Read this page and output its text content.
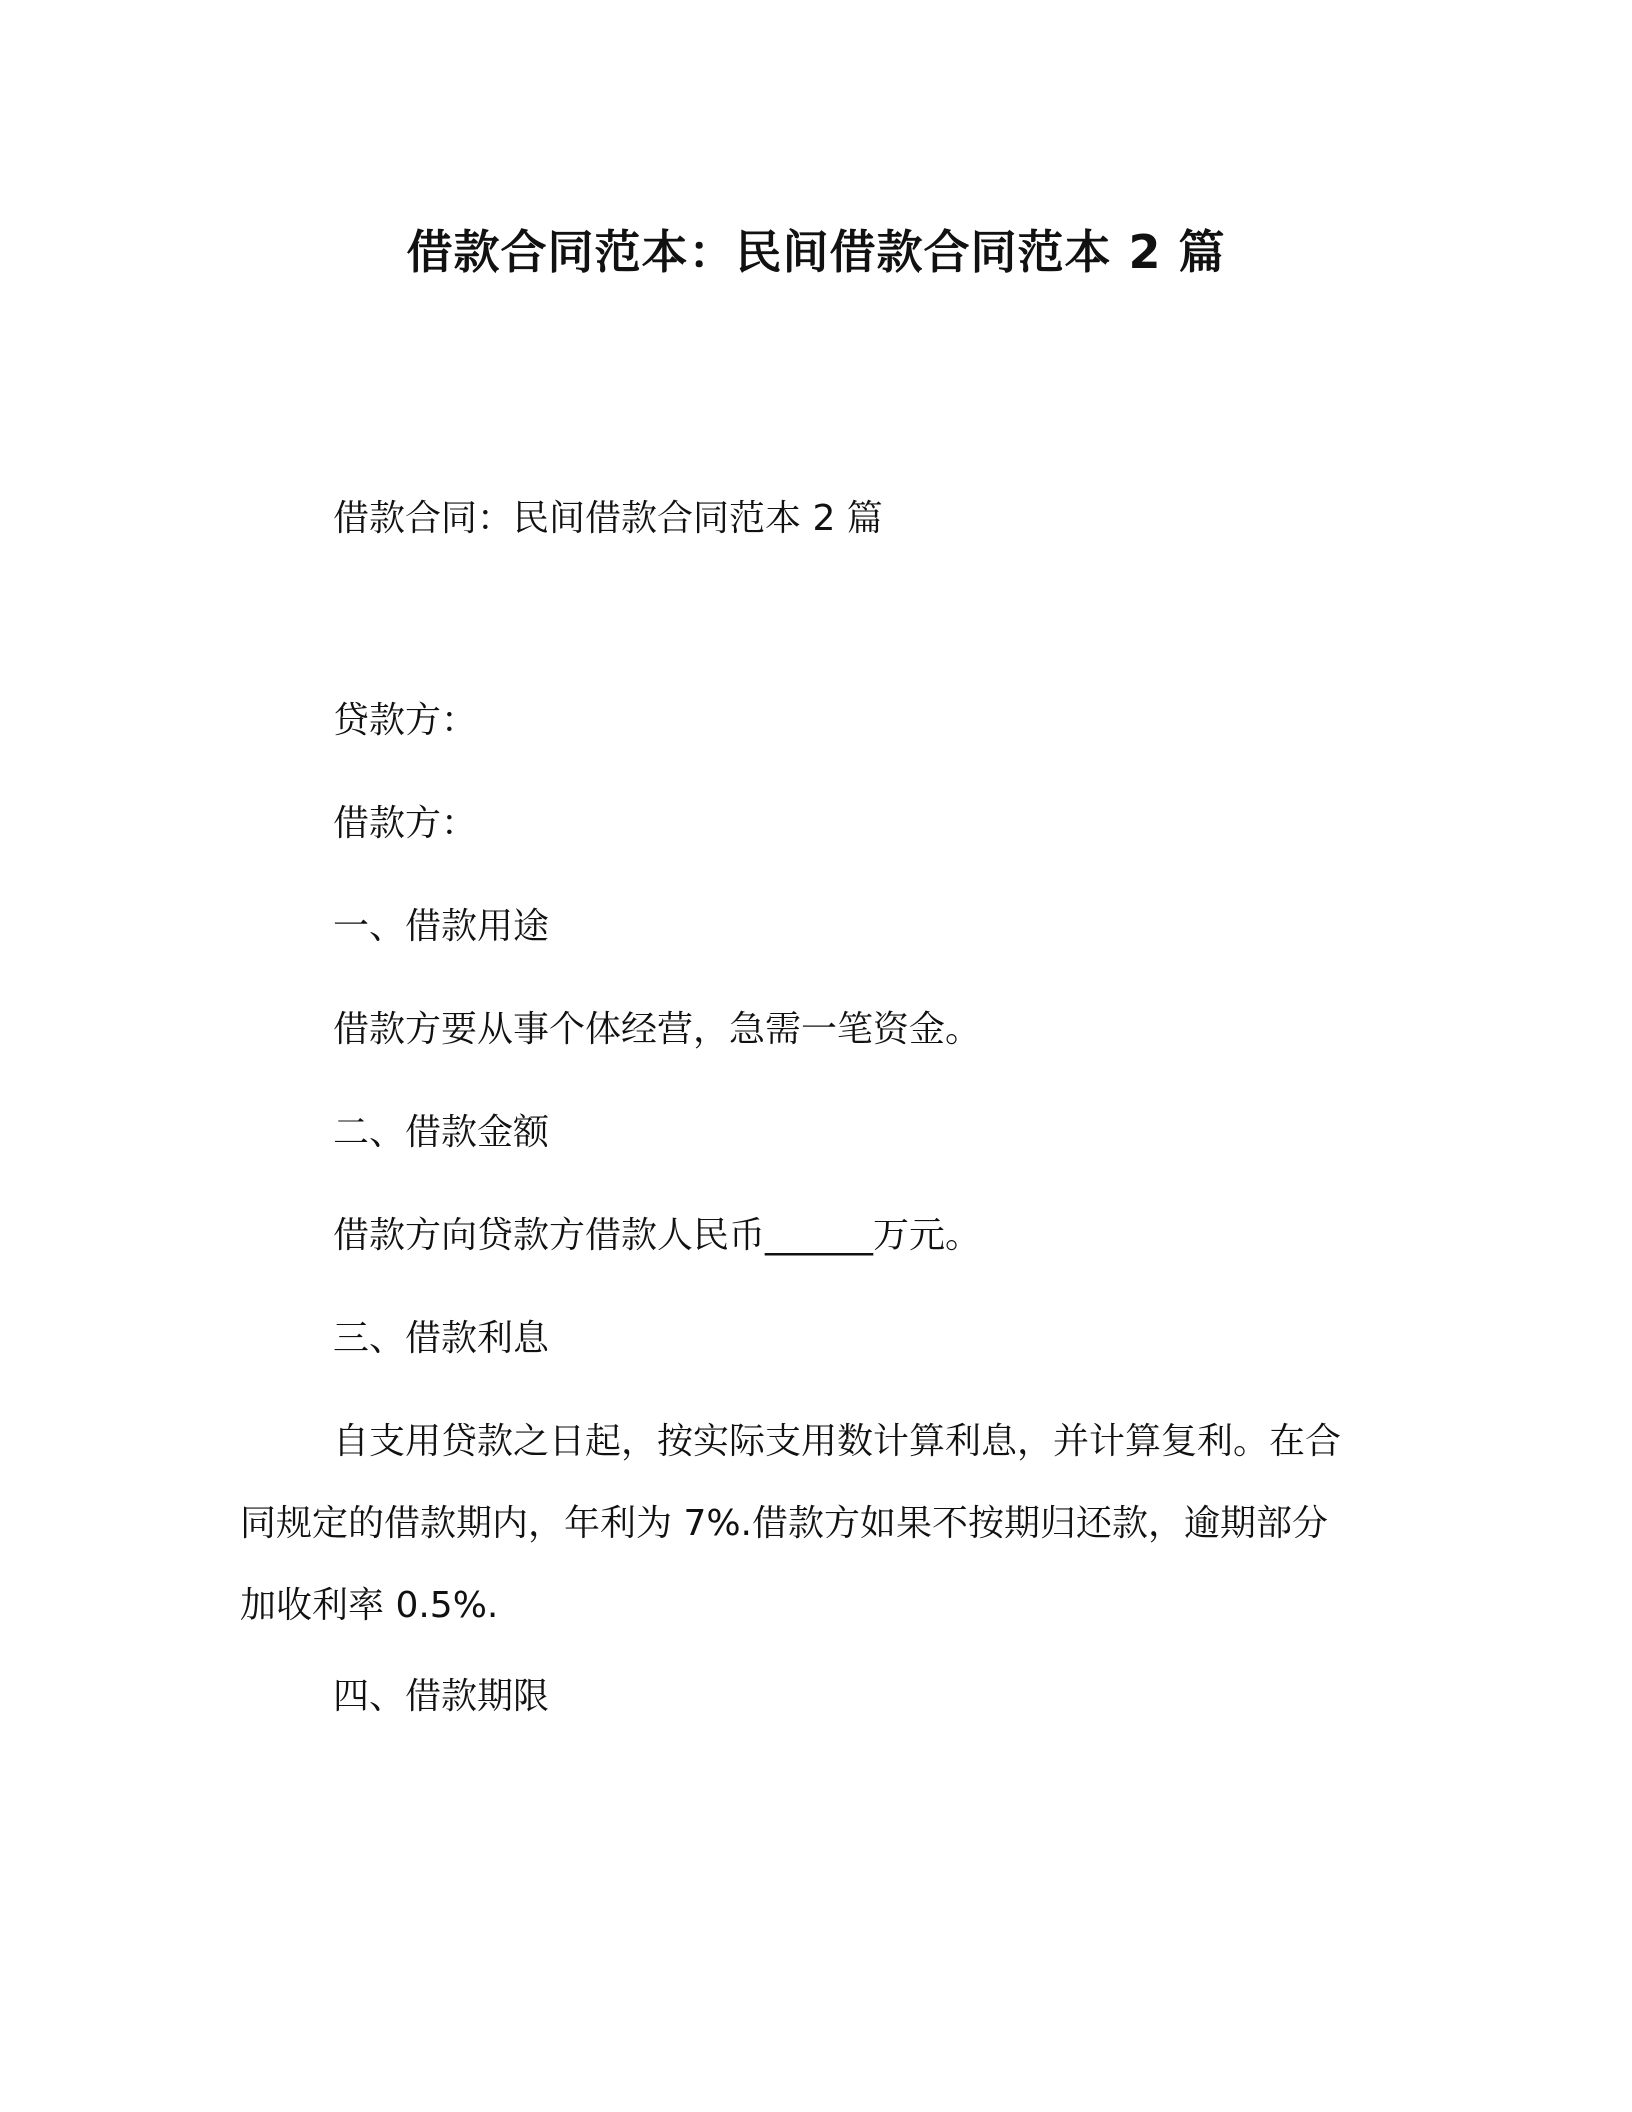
借款合同范本：民间借款合同范本 2 篇
借款合同：民间借款合同范本 2 篇
贷款方：
借款方：
一、借款用途
借款方要从事个体经营，急需一笔资金。
二、借款金额
借款方向贷款方借款人民币______万元。
三、借款利息
自支用贷款之日起，按实际支用数计算利息，并计算复利。在合
同规定的借款期内，年利为 7%.借款方如果不按期归还款，逾期部分
加收利率 0.5%.
四、借款期限
